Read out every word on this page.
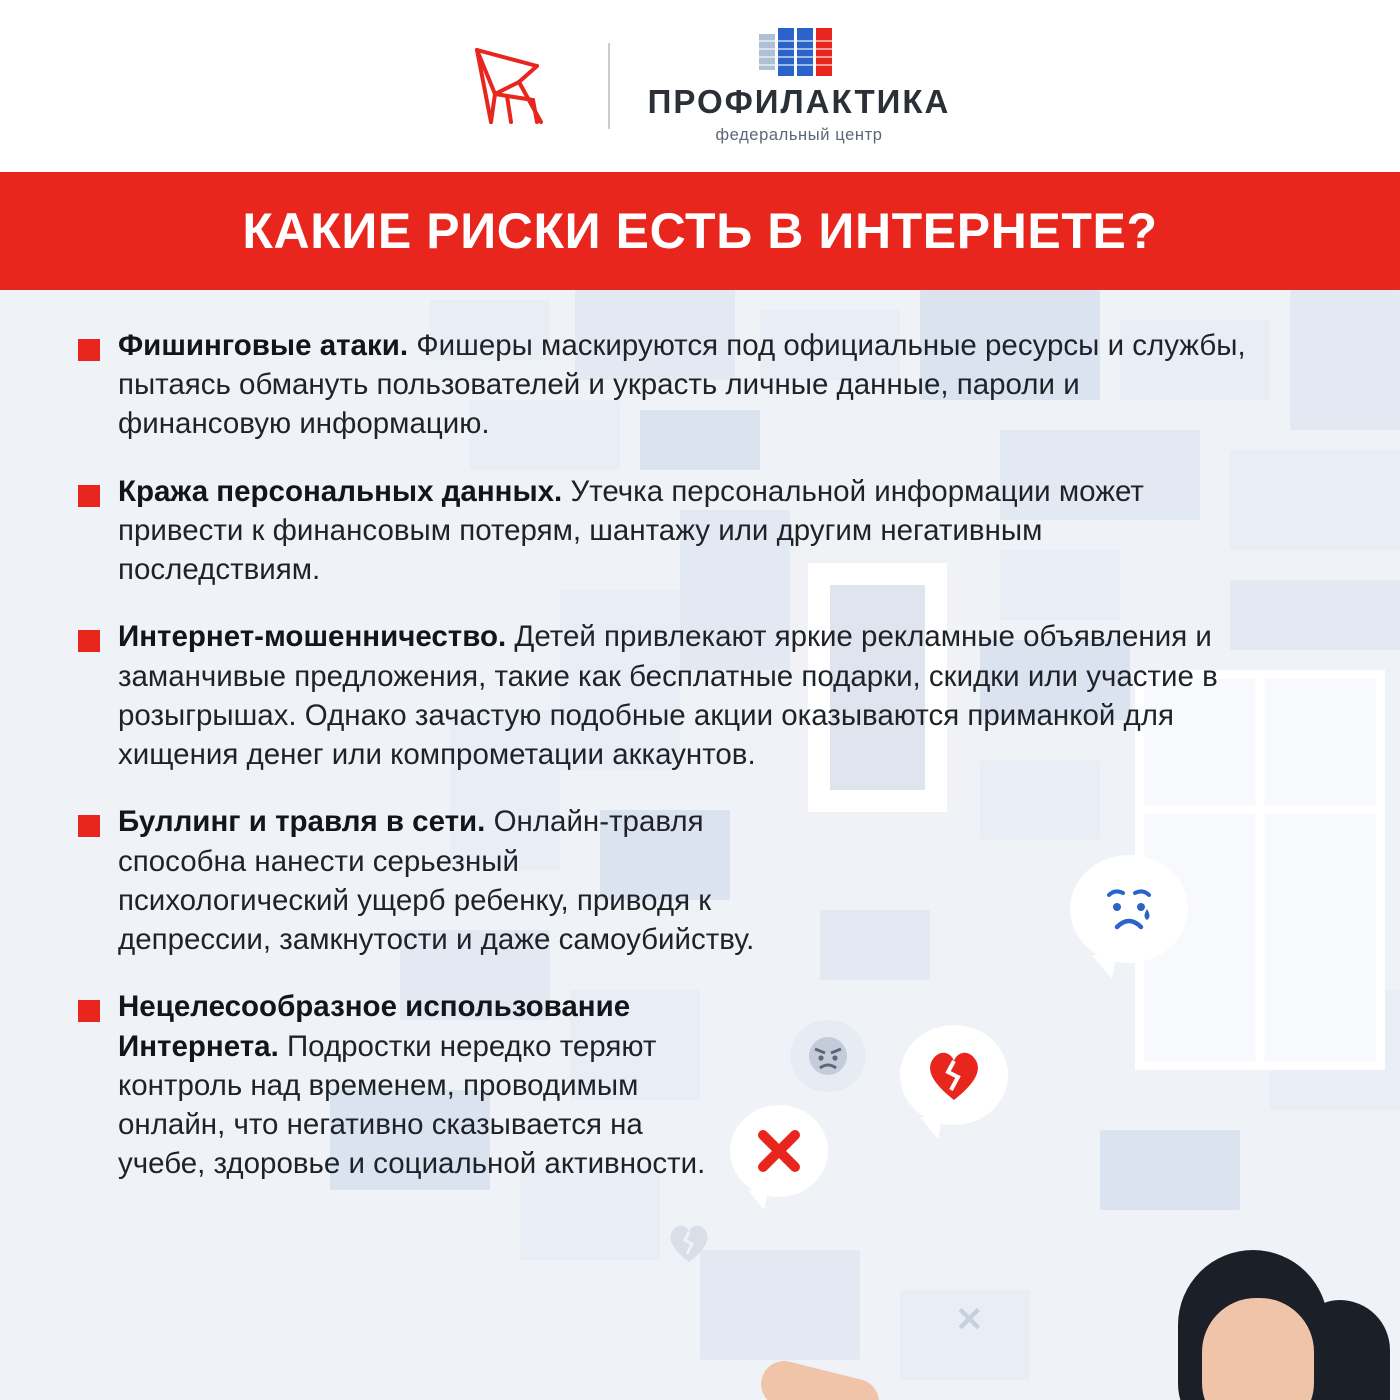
ПРОФИЛАКТИКА
федеральный центр
КАКИЕ РИСКИ ЕСТЬ В ИНТЕРНЕТЕ?
✕
Фишинговые атаки. Фишеры маскируются под официальные ресурсы и службы, пытаясь обмануть пользователей и украсть личные данные, пароли и финансовую информацию.
Кража персональных данных. Утечка персональной информации может привести к финансовым потерям, шантажу или другим негативным последствиям.
Интернет-мошенничество. Детей привлекают яркие рекламные объявления и заманчивые предложения, такие как бесплатные подарки, скидки или участие в розыгрышах. Однако зачастую подобные акции оказываются приманкой для хищения денег или компрометации аккаунтов.
Буллинг и травля в сети. Онлайн-травля способна нанести серьезный психологический ущерб ребенку, приводя к депрессии, замкнутости и даже самоубийству.
Нецелесообразное использование Интернета. Подростки нередко теряют контроль над временем, проводимым онлайн, что негативно сказывается на учебе, здоровье и социальной активности.
